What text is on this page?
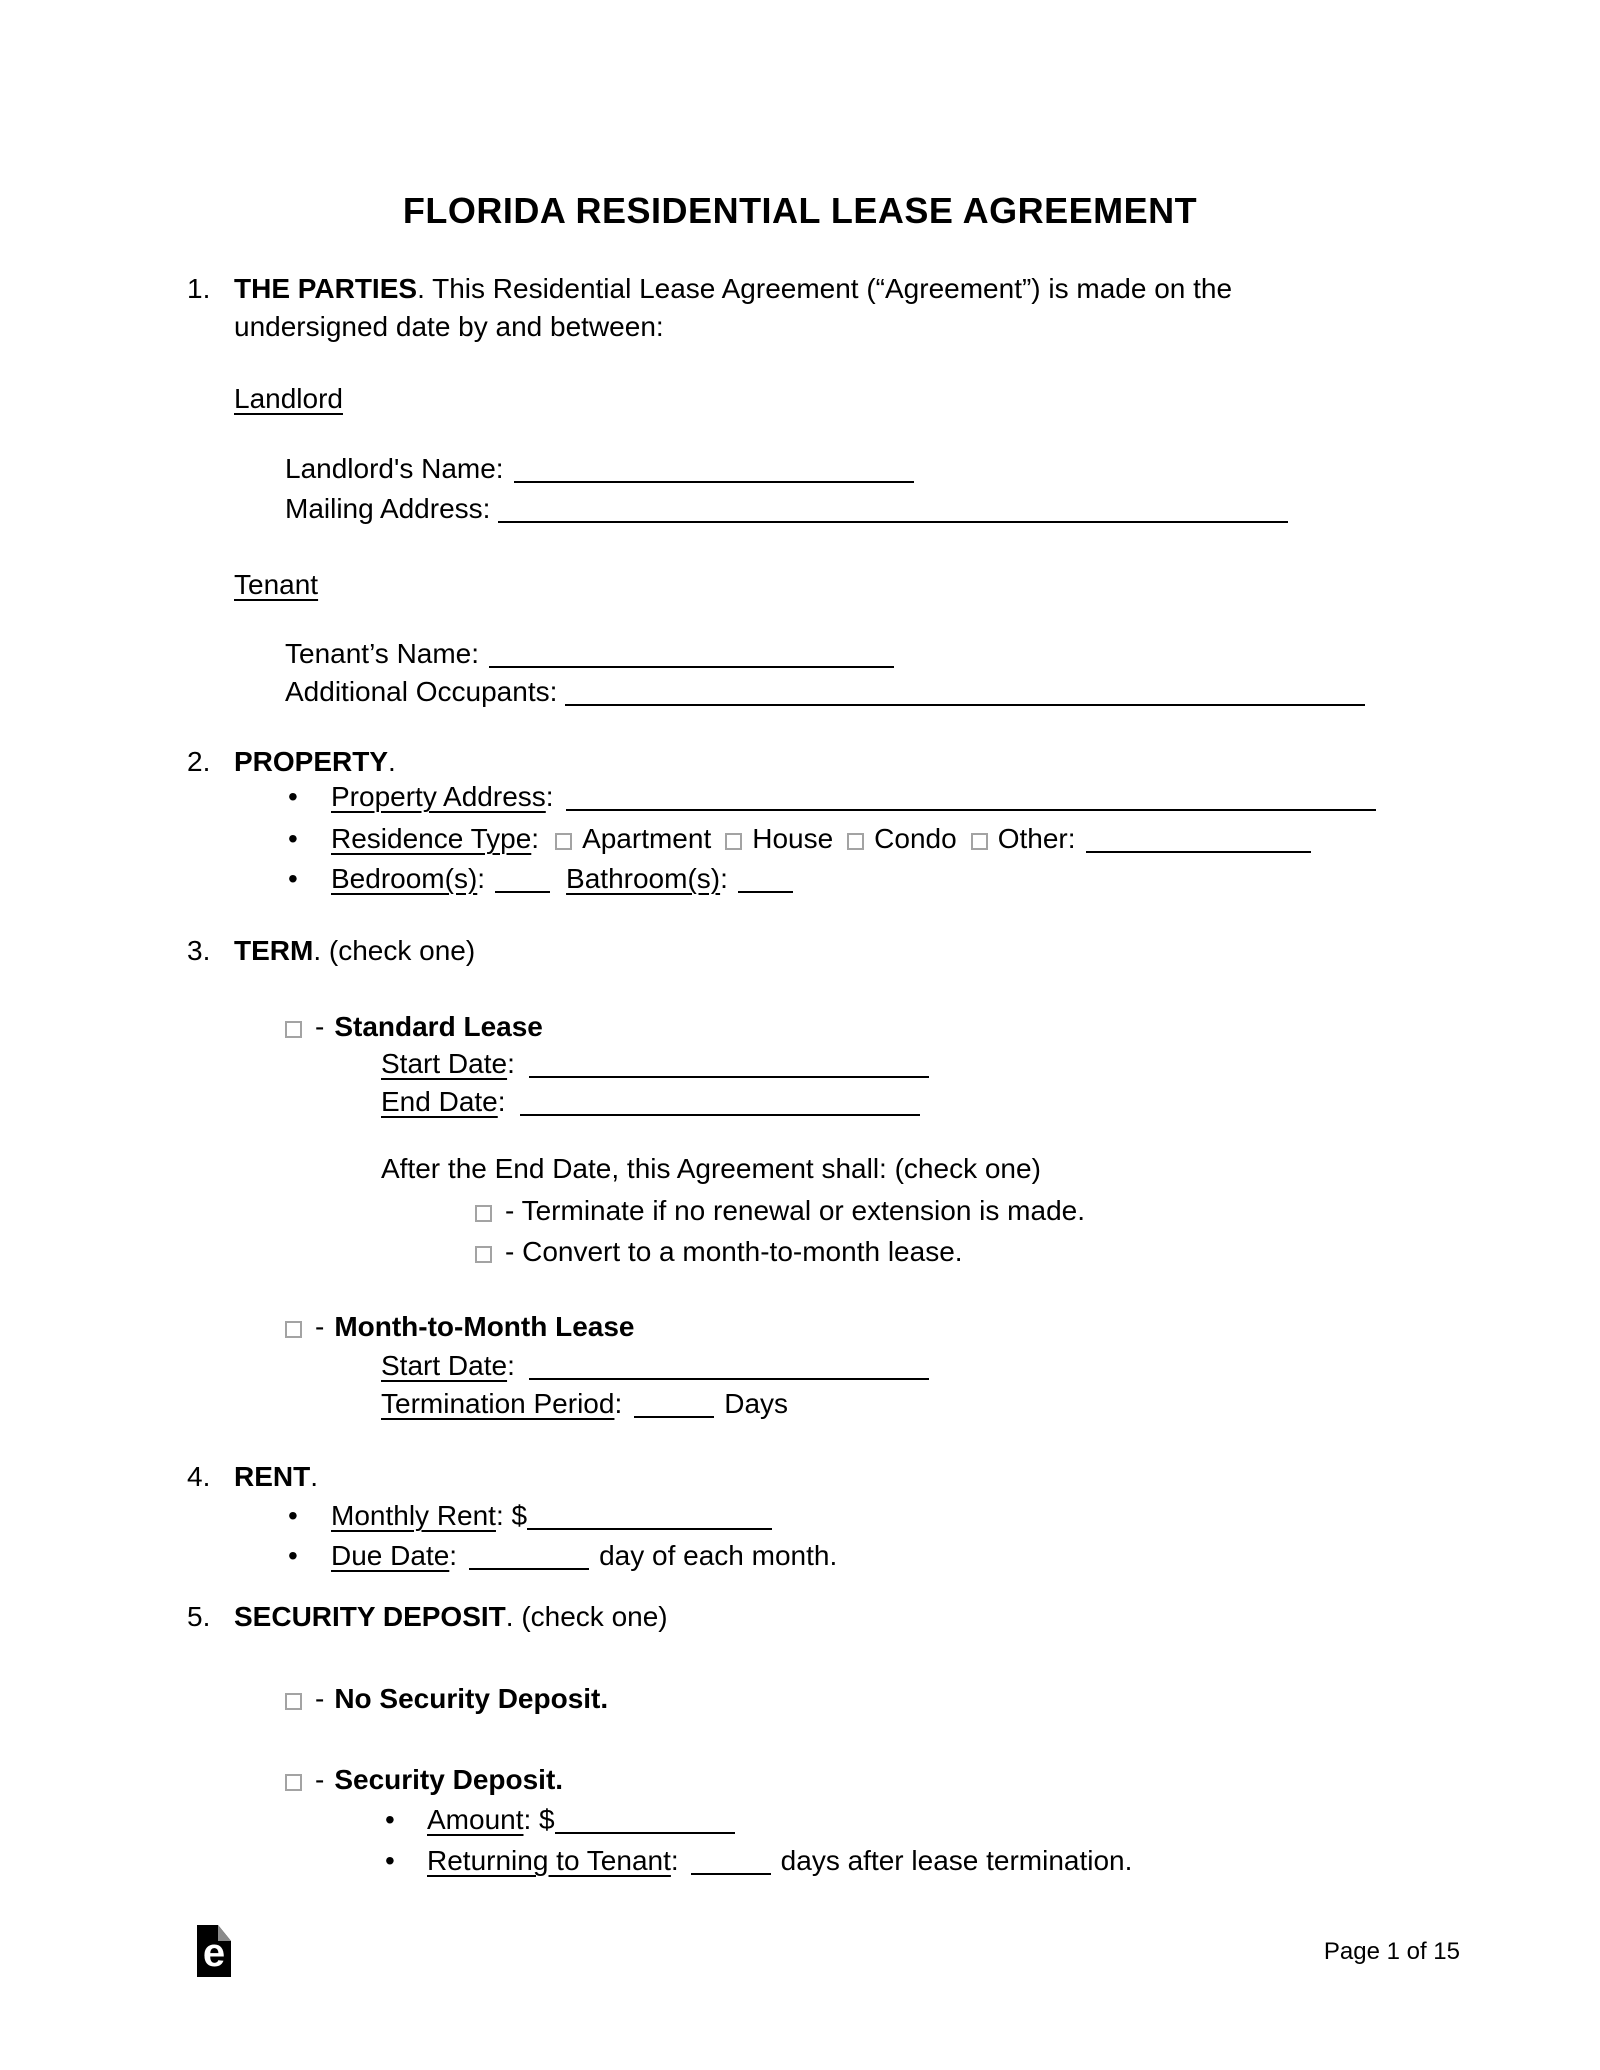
FLORIDA RESIDENTIAL LEASE AGREEMENT
1. THE PARTIES. This Residential Lease Agreement (“Agreement”) is made on the
undersigned date by and between:
Landlord
Landlord's Name:
Mailing Address:
Tenant
Tenant’s Name:
Additional Occupants:
2. PROPERTY.
• Property Address:
• Residence Type: Apartment House Condo Other:
• Bedroom(s):	Bathroom(s):
3. TERM. (check one)
- Standard Lease
Start Date:
End Date:
After the End Date, this Agreement shall: (check one)
- Terminate if no renewal or extension is made.
- Convert to a month-to-month lease.
- Month-to-Month Lease
Start Date:
Termination Period:	Days
4. RENT.
• Monthly Rent: $
• Due Date:	day of each month.
5. SECURITY DEPOSIT. (check one)
- No Security Deposit.
- Security Deposit.
• Amount: $
• Returning to Tenant:	days after lease termination.
e	Page 1 of 15
